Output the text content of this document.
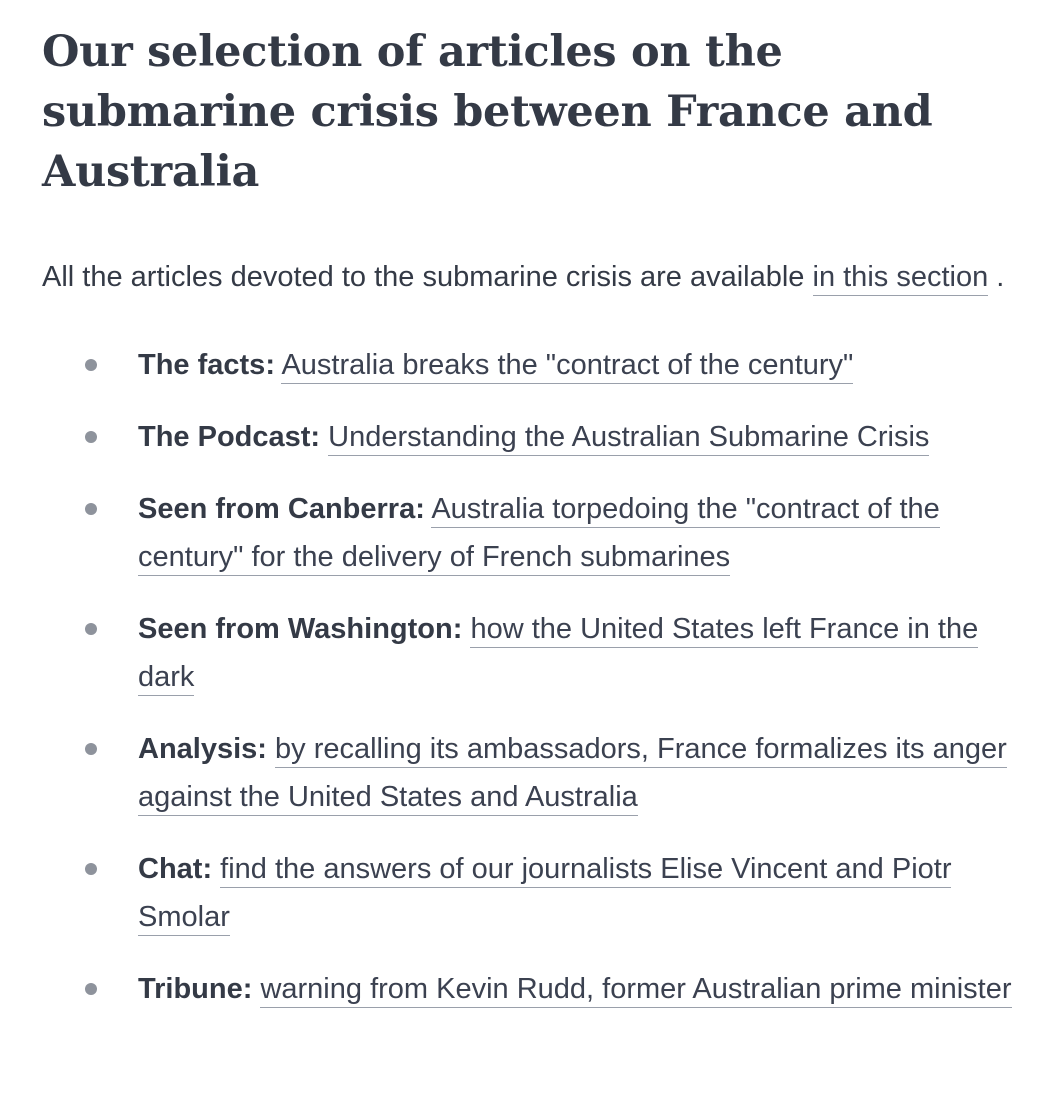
Our selection of articles on the submarine crisis between France and Australia

All the articles devoted to the submarine crisis are available in this section .

The facts: Australia breaks the "contract of the century"
The Podcast: Understanding the Australian Submarine Crisis
Seen from Canberra: Australia torpedoing the "contract of the century" for the delivery of French submarines
Seen from Washington: how the United States left France in the dark
Analysis: by recalling its ambassadors, France formalizes its anger against the United States and Australia
Chat: find the answers of our journalists Elise Vincent and Piotr Smolar
Tribune: warning from Kevin Rudd, former Australian prime minister
